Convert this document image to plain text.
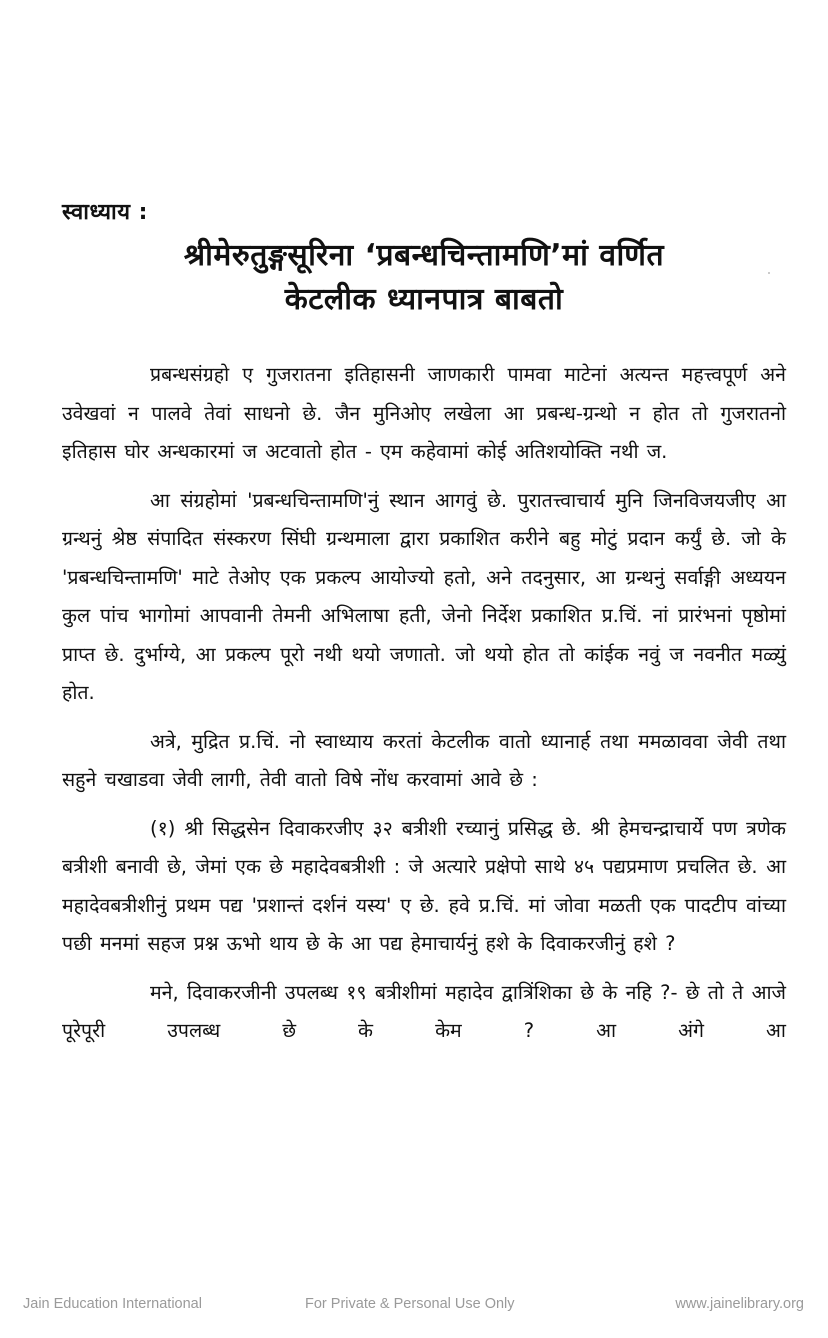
स्वाध्याय :
श्रीमेरुतुङ्गसूरिना ‘प्रबन्धचिन्तामणि’मां वर्णित
केटलीक ध्यानपात्र बाबतो

प्रबन्धसंग्रहो ए गुजरातना इतिहासनी जाणकारी पामवा माटेनां अत्यन्त महत्त्वपूर्ण अने उवेखवां न पालवे तेवां साधनो छे. जैन मुनिओए लखेला आ प्रबन्ध-ग्रन्थो न होत तो गुजरातनो इतिहास घोर अन्धकारमां ज अटवातो होत - एम कहेवामां कोई अतिशयोक्ति नथी ज.

आ संग्रहोमां 'प्रबन्धचिन्तामणि'नुं स्थान आगवुं छे. पुरातत्त्वाचार्य मुनि जिनविजयजीए आ ग्रन्थनुं श्रेष्ठ संपादित संस्करण सिंघी ग्रन्थमाला द्वारा प्रकाशित करीने बहु मोटुं प्रदान कर्युं छे. जो के 'प्रबन्धचिन्तामणि' माटे तेओए एक प्रकल्प आयोज्यो हतो, अने तदनुसार, आ ग्रन्थनुं सर्वाङ्गी अध्ययन कुल पांच भागोमां आपवानी तेमनी अभिलाषा हती, जेनो निर्देश प्रकाशित प्र.चिं. नां प्रारंभनां पृष्ठोमां प्राप्त छे. दुर्भाग्ये, आ प्रकल्प पूरो नथी थयो जणातो. जो थयो होत तो कांईक नवुं ज नवनीत मळ्युं होत.

अत्रे, मुद्रित प्र.चिं. नो स्वाध्याय करतां केटलीक वातो ध्यानार्ह तथा ममळाववा जेवी तथा सहुने चखाडवा जेवी लागी, तेवी वातो विषे नोंध करवामां आवे छे :

(१) श्री सिद्धसेन दिवाकरजीए ३२ बत्रीशी रच्यानुं प्रसिद्ध छे. श्री हेमचन्द्राचार्ये पण त्रणेक बत्रीशी बनावी छे, जेमां एक छे महादेवबत्रीशी : जे अत्यारे प्रक्षेपो साथे ४५ पद्यप्रमाण प्रचलित छे. आ महादेवबत्रीशीनुं प्रथम पद्य 'प्रशान्तं दर्शनं यस्य' ए छे. हवे प्र.चिं. मां जोवा मळती एक पादटीप वांच्या पछी मनमां सहज प्रश्न ऊभो थाय छे के आ पद्य हेमाचार्यनुं हशे के दिवाकरजीनुं हशे ?

मने, दिवाकरजीनी उपलब्ध १९ बत्रीशीमां महादेव द्वात्रिंशिका छे के नहि ?- छे तो ते आजे पूरेपूरी उपलब्ध छे के केम ? आ अंगे आ

Jain Education International	For Private & Personal Use Only	www.jainelibrary.org
